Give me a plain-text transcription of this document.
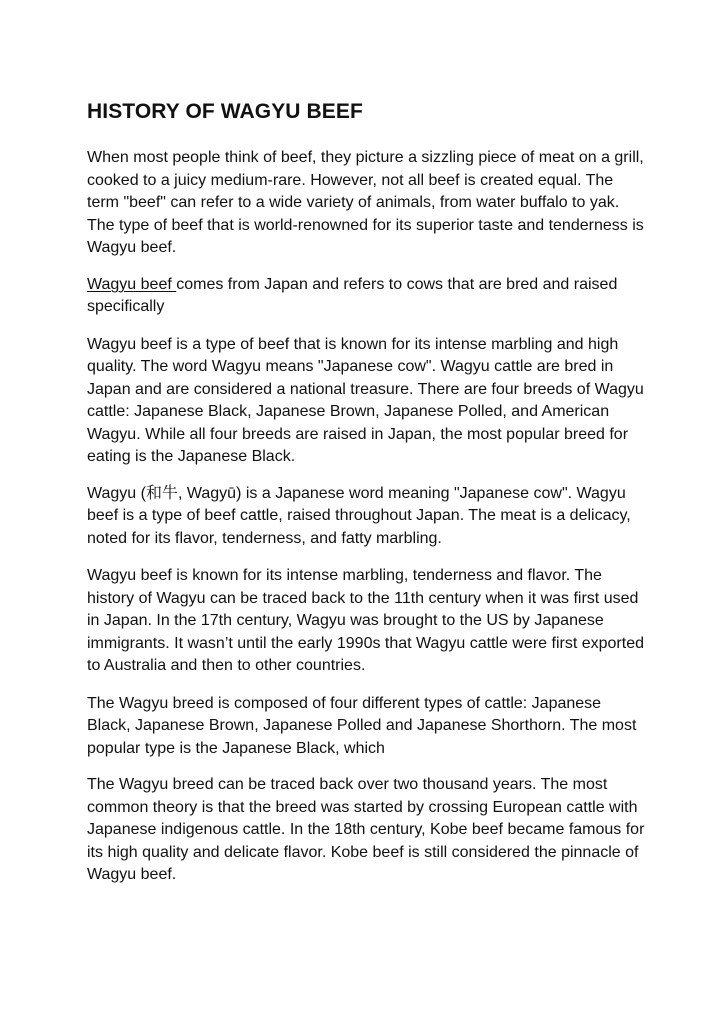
HISTORY OF WAGYU BEEF

When most people think of beef, they picture a sizzling piece of meat on a grill, cooked to a juicy medium-rare. However, not all beef is created equal. The term "beef" can refer to a wide variety of animals, from water buffalo to yak. The type of beef that is world-renowned for its superior taste and tenderness is Wagyu beef.

Wagyu beef comes from Japan and refers to cows that are bred and raised specifically

Wagyu beef is a type of beef that is known for its intense marbling and high quality. The word Wagyu means "Japanese cow". Wagyu cattle are bred in Japan and are considered a national treasure. There are four breeds of Wagyu cattle: Japanese Black, Japanese Brown, Japanese Polled, and American Wagyu. While all four breeds are raised in Japan, the most popular breed for eating is the Japanese Black.

Wagyu (和牛, Wagyū) is a Japanese word meaning "Japanese cow". Wagyu beef is a type of beef cattle, raised throughout Japan. The meat is a delicacy, noted for its flavor, tenderness, and fatty marbling.

Wagyu beef is known for its intense marbling, tenderness and flavor. The history of Wagyu can be traced back to the 11th century when it was first used in Japan. In the 17th century, Wagyu was brought to the US by Japanese immigrants. It wasn’t until the early 1990s that Wagyu cattle were first exported to Australia and then to other countries.

The Wagyu breed is composed of four different types of cattle: Japanese Black, Japanese Brown, Japanese Polled and Japanese Shorthorn. The most popular type is the Japanese Black, which

The Wagyu breed can be traced back over two thousand years. The most common theory is that the breed was started by crossing European cattle with Japanese indigenous cattle. In the 18th century, Kobe beef became famous for its high quality and delicate flavor. Kobe beef is still considered the pinnacle of Wagyu beef.
